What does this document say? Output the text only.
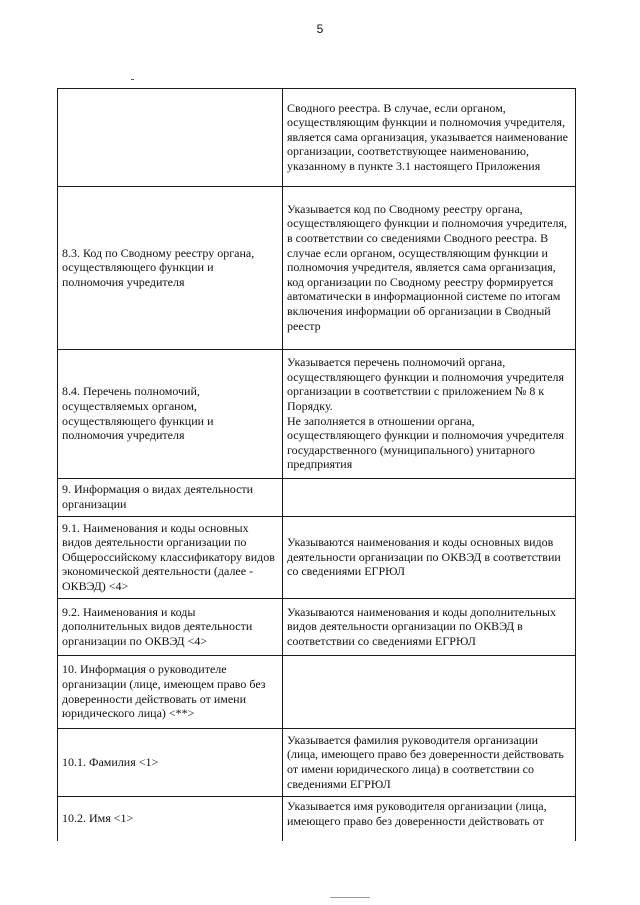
5

	Сводного реестра. В случае, если органом, осуществляющим функции и полномочия учредителя, является сама организация, указывается наименование организации, соответствующее наименованию, указанному в пункте 3.1 настоящего Приложения

8.3. Код по Сводному реестру органа, осуществляющего функции и полномочия учредителя	Указывается код по Сводному реестру органа, осуществляющего функции и полномочия учредителя, в соответствии со сведениями Сводного реестра. В случае если органом, осуществляющим функции и полномочия учредителя, является сама организация, код организации по Сводному реестру формируется автоматически в информационной системе по итогам включения информации об организации в Сводный реестр

8.4. Перечень полномочий, осуществляемых органом, осуществляющего функции и полномочия учредителя	Указывается перечень полномочий органа, осуществляющего функции и полномочия учредителя организации в соответствии с приложением № 8 к Порядку.
Не заполняется в отношении органа, осуществляющего функции и полномочия учредителя государственного (муниципального) унитарного предприятия

9. Информация о видах деятельности организации	
9.1. Наименования и коды основных видов деятельности организации по Общероссийскому классификатору видов экономической деятельности (далее - ОКВЭД) <4>	Указываются наименования и коды основных видов деятельности организации по ОКВЭД в соответствии со сведениями ЕГРЮЛ

9.2. Наименования и коды дополнительных видов деятельности организации по ОКВЭД <4>	Указываются наименования и коды дополнительных видов деятельности организации по ОКВЭД в соответствии со сведениями ЕГРЮЛ

10. Информация о руководителе организации (лице, имеющем право без доверенности действовать от имени юридического лица) <**>	
10.1. Фамилия <1>	Указывается фамилия руководителя организации (лица, имеющего право без доверенности действовать от имени юридического лица) в соответствии со сведениями ЕГРЮЛ

10.2. Имя <1>	Указывается имя руководителя организации (лица, имеющего право без доверенности действовать от
